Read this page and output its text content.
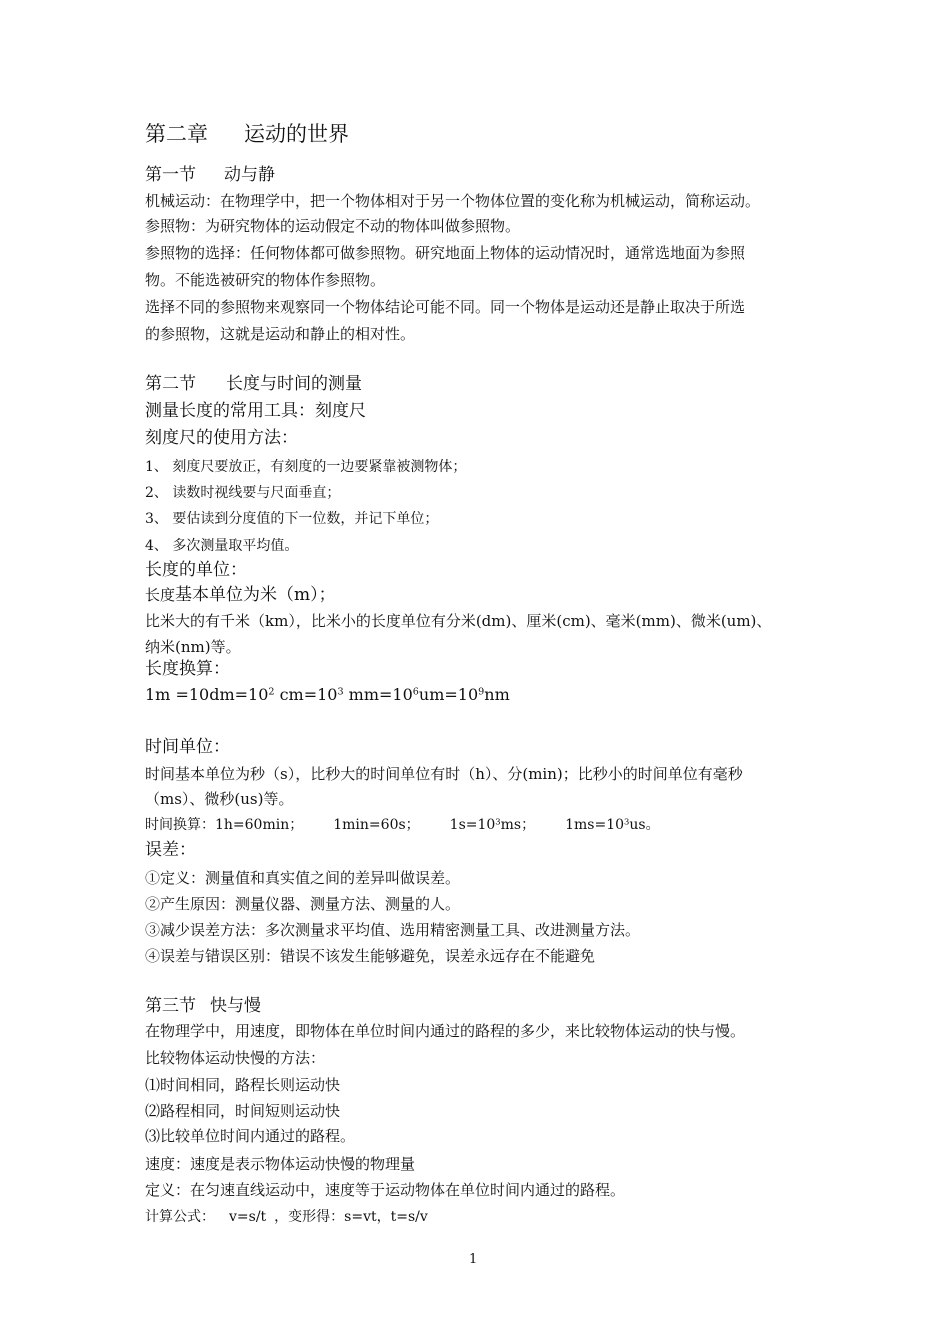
第二章 运动的世界
第一节 动与静
机械运动：在物理学中，把一个物体相对于另一个物体位置的变化称为机械运动，简称运动。
参照物：为研究物体的运动假定不动的物体叫做参照物。
参照物的选择：任何物体都可做参照物。研究地面上物体的运动情况时，通常选地面为参照
物。不能选被研究的物体作参照物。
选择不同的参照物来观察同一个物体结论可能不同。同一个物体是运动还是静止取决于所选
的参照物，这就是运动和静止的相对性。
第二节 长度与时间的测量
测量长度的常用工具：刻度尺
刻度尺的使用方法：
1、 刻度尺要放正，有刻度的一边要紧靠被测物体；
2、 读数时视线要与尺面垂直；
3、 要估读到分度值的下一位数，并记下单位；
4、 多次测量取平均值。
长度的单位：
长度基本单位为米（m）；
比米大的有千米（km），比米小的长度单位有分米(dm)、厘米(cm)、毫米(mm)、微米(um)、
纳米(nm)等。
长度换算：
$1m =10dm=10^2$ $cm=10^3$ $mm=10^6um=10^9nm$
时间单位：
时间基本单位为秒（s），比秒大的时间单位有时（h）、分(min)；比秒小的时间单位有毫秒
（ms）、微秒(us)等。
时间换算：1h=60min； 1min=60s； $1s=10^3ms$； $1ms=10^3us$。
误差：
①定义：测量值和真实值之间的差异叫做误差。
②产生原因：测量仪器、测量方法、测量的人。
③减少误差方法：多次测量求平均值、选用精密测量工具、改进测量方法。
④误差与错误区别：错误不该发生能够避免，误差永远存在不能避免
第三节 快与慢
在物理学中，用速度，即物体在单位时间内通过的路程的多少，来比较物体运动的快与慢。
比较物体运动快慢的方法：
⑴时间相同，路程长则运动快
⑵路程相同，时间短则运动快
⑶比较单位时间内通过的路程。
速度：速度是表示物体运动快慢的物理量
定义：在匀速直线运动中，速度等于运动物体在单位时间内通过的路程。
计算公式： v=s/t ，变形得：s=vt，t=s/v
1
